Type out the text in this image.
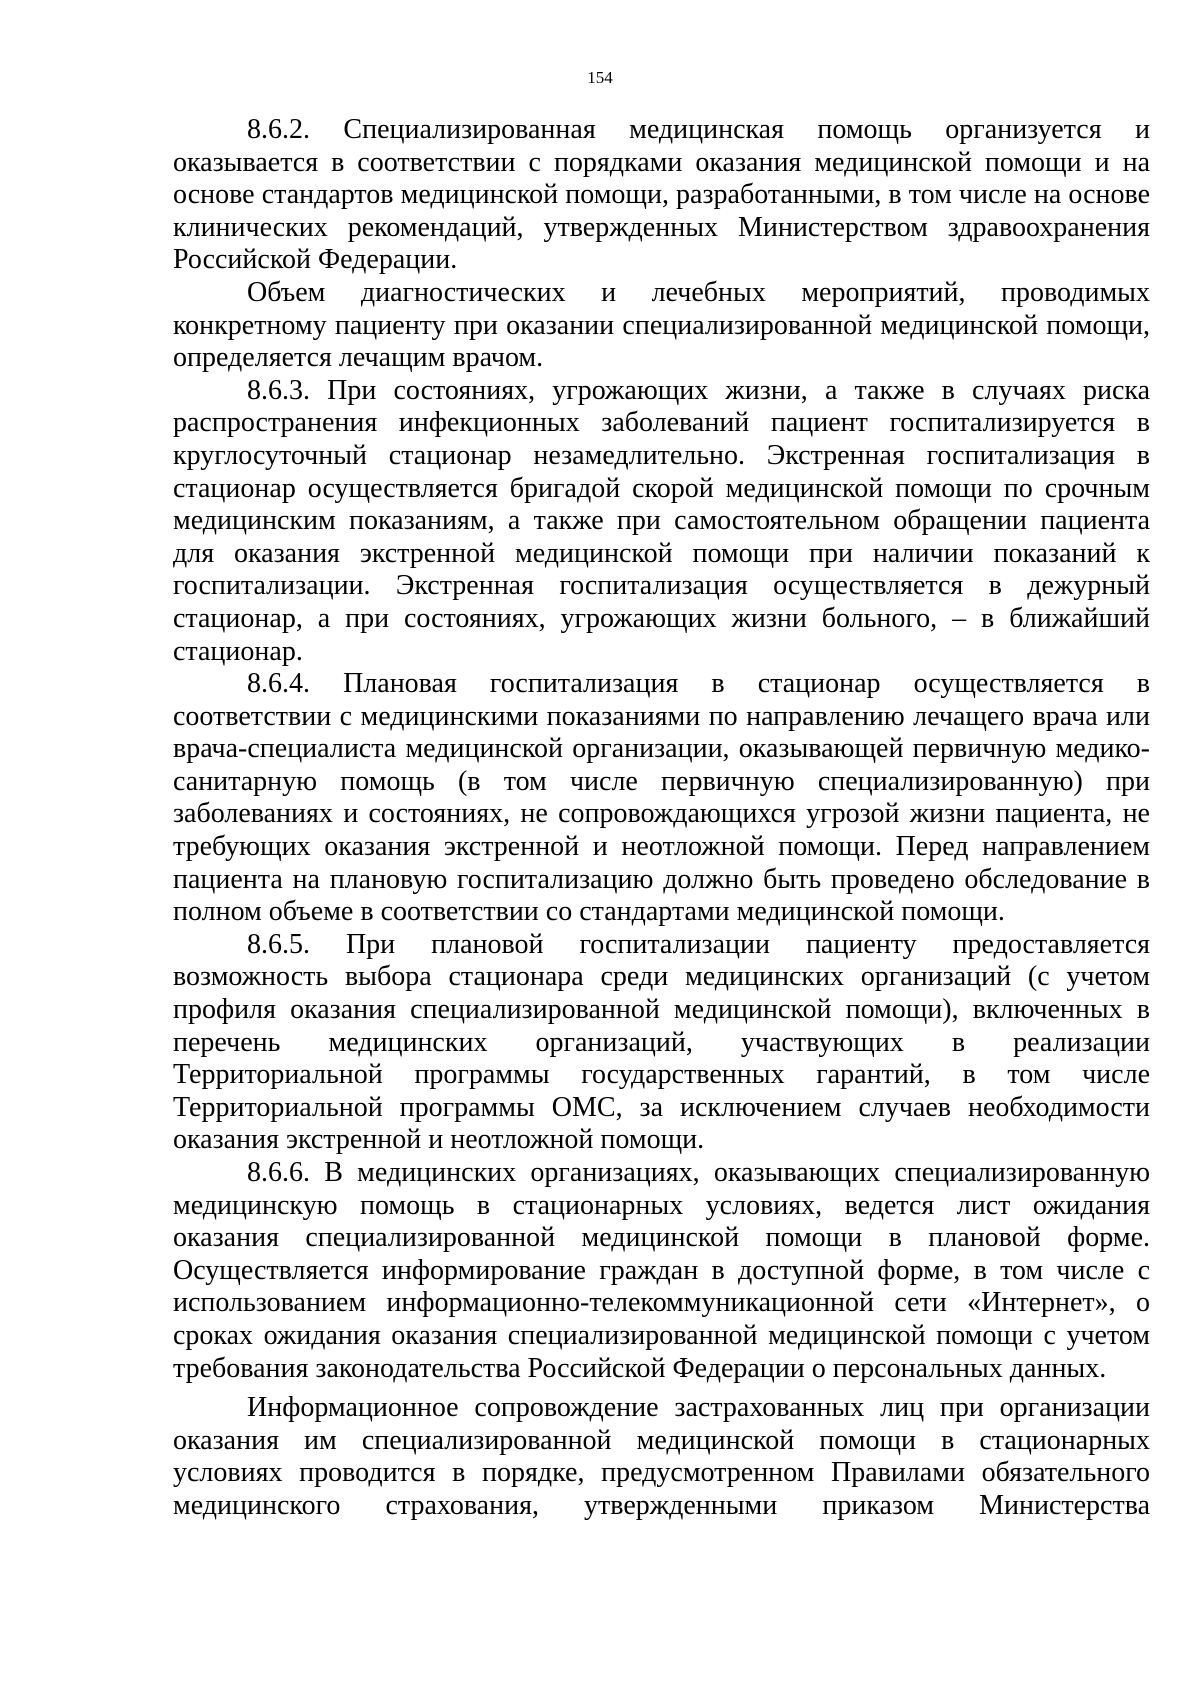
154

8.6.2. Специализированная медицинская помощь организуется и оказывается в соответствии с порядками оказания медицинской помощи и на основе стандартов медицинской помощи, разработанными, в том числе на основе клинических рекомендаций, утвержденных Министерством здравоохранения Российской Федерации.

Объем диагностических и лечебных мероприятий, проводимых конкретному пациенту при оказании специализированной медицинской помощи, определяется лечащим врачом.

8.6.3. При состояниях, угрожающих жизни, а также в случаях риска распространения инфекционных заболеваний пациент госпитализируется в круглосуточный стационар незамедлительно. Экстренная госпитализация в стационар осуществляется бригадой скорой медицинской помощи по срочным медицинским показаниям, а также при самостоятельном обращении пациента для оказания экстренной медицинской помощи при наличии показаний к госпитализации. Экстренная госпитализация осуществляется в дежурный стационар, а при состояниях, угрожающих жизни больного, – в ближайший стационар.

8.6.4. Плановая госпитализация в стационар осуществляется в соответствии с медицинскими показаниями по направлению лечащего врача или врача-специалиста медицинской организации, оказывающей первичную медико-санитарную помощь (в том числе первичную специализированную) при заболеваниях и состояниях, не сопровождающихся угрозой жизни пациента, не требующих оказания экстренной и неотложной помощи. Перед направлением пациента на плановую госпитализацию должно быть проведено обследование в полном объеме в соответствии со стандартами медицинской помощи.

8.6.5. При плановой госпитализации пациенту предоставляется возможность выбора стационара среди медицинских организаций (с учетом профиля оказания специализированной медицинской помощи), включенных в перечень медицинских организаций, участвующих в реализации Территориальной программы государственных гарантий, в том числе Территориальной программы ОМС, за исключением случаев необходимости оказания экстренной и неотложной помощи.

8.6.6. В медицинских организациях, оказывающих специализированную медицинскую помощь в стационарных условиях, ведется лист ожидания оказания специализированной медицинской помощи в плановой форме. Осуществляется информирование граждан в доступной форме, в том числе с использованием информационно-телекоммуникационной сети «Интернет», о сроках ожидания оказания специализированной медицинской помощи с учетом требования законодательства Российской Федерации о персональных данных.

Информационное сопровождение застрахованных лиц при организации оказания им специализированной медицинской помощи в стационарных условиях проводится в порядке, предусмотренном Правилами обязательного медицинского страхования, утвержденными приказом Министерства
